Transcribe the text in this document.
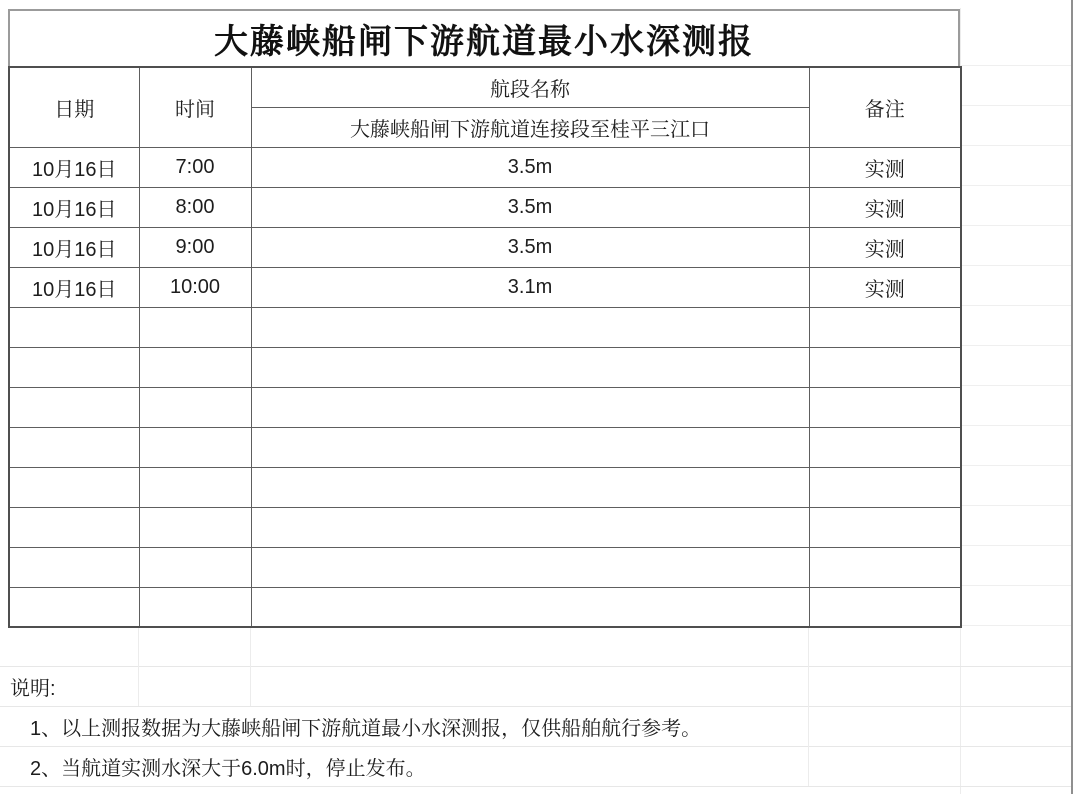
大藤峡船闸下游航道最小水深测报
日期	时间	航段名称	备注
		大藤峡船闸下游航道连接段至桂平三江口	
10月16日	7:00	3.5m	实测
10月16日	8:00	3.5m	实测
10月16日	9:00	3.5m	实测
10月16日	10:00	3.1m	实测

说明:
1、以上测报数据为大藤峡船闸下游航道最小水深测报，仅供船舶航行参考。
2、当航道实测水深大于6.0m时，停止发布。
